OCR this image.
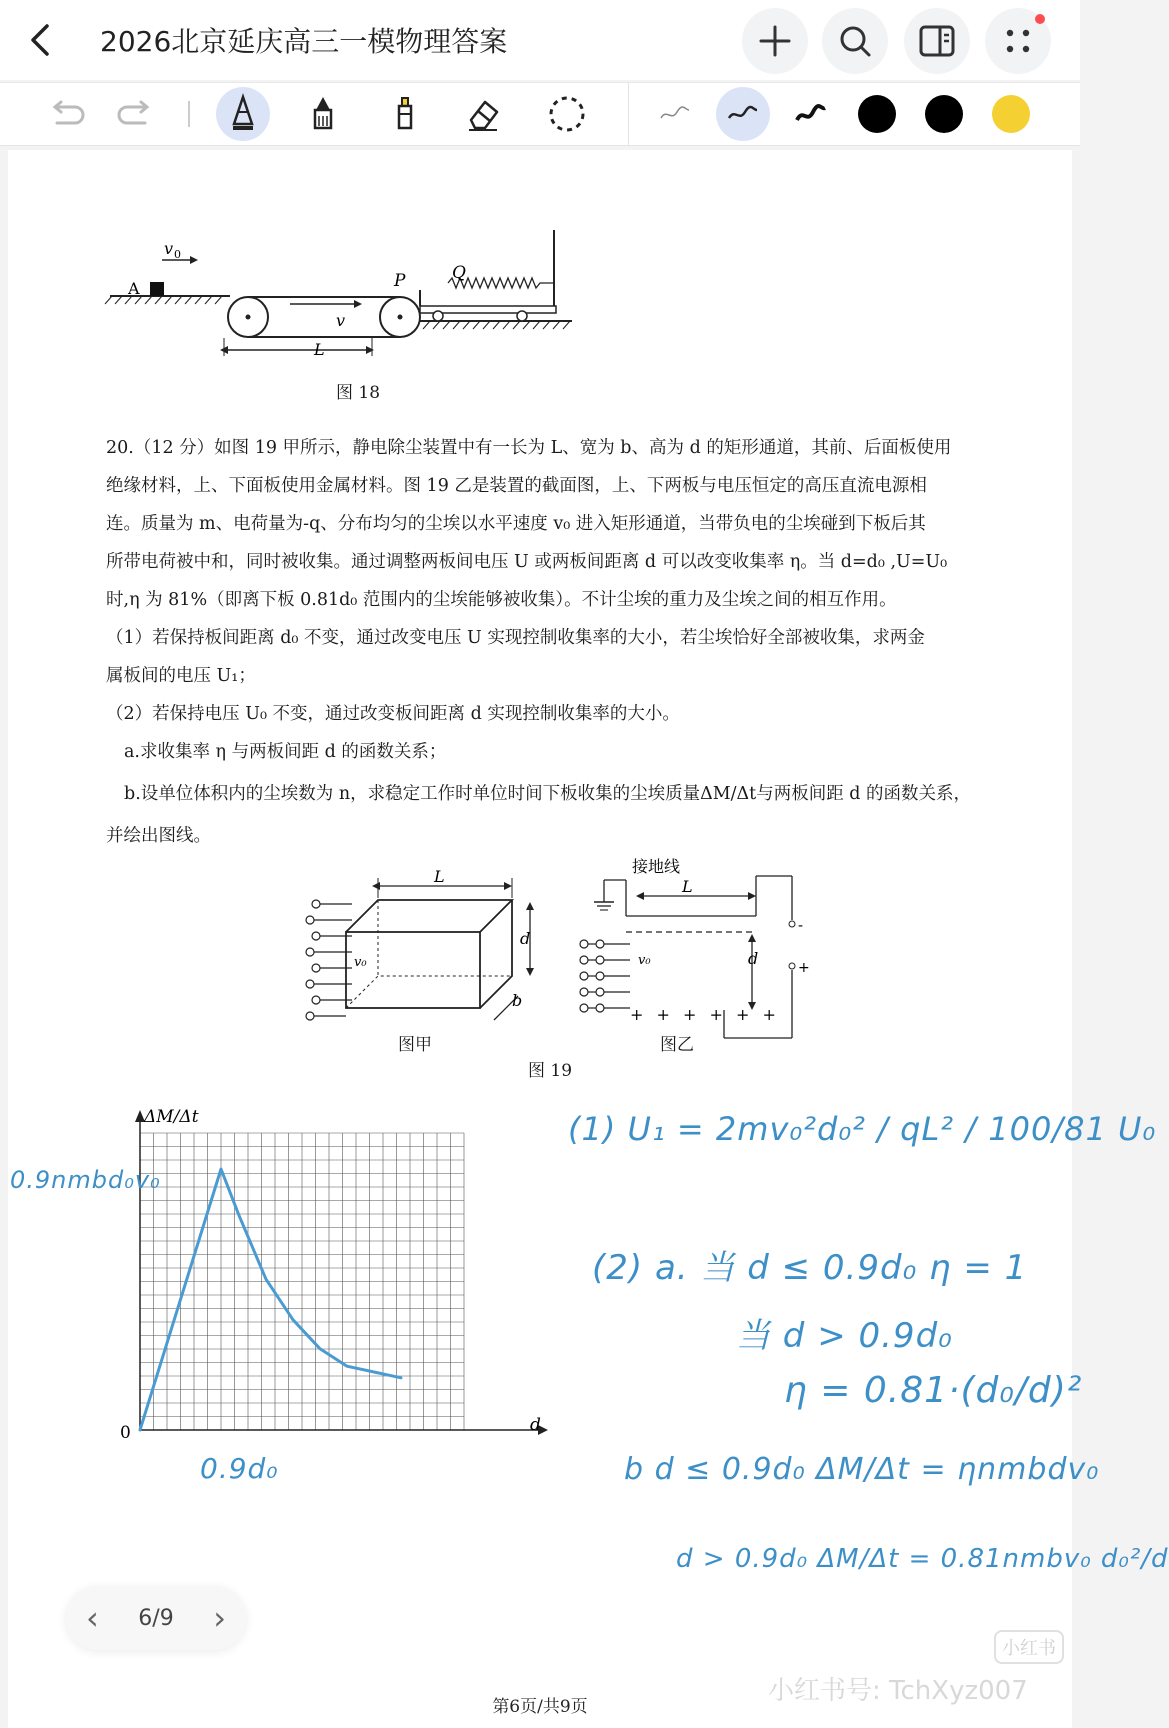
2026北京延庆高三一模物理答案
A
v 0
P	Q
v
L
图 18
20.（12 分）如图 19 甲所示，静电除尘装置中有一长为 L、宽为 b、高为 d 的矩形通道，其前、后面板使用
绝缘材料，上、下面板使用金属材料。图 19 乙是装置的截面图，上、下两板与电压恒定的高压直流电源相
连。质量为 m、电荷量为-q、分布均匀的尘埃以水平速度 v₀ 进入矩形通道，当带负电的尘埃碰到下板后其
所带电荷被中和，同时被收集。通过调整两板间电压 U 或两板间距离 d 可以改变收集率 η。当 d=d₀ ,U=U₀
时,η 为 81%（即离下板 0.81d₀ 范围内的尘埃能够被收集）。不计尘埃的重力及尘埃之间的相互作用。
（1）若保持板间距离 d₀ 不变，通过改变电压 U 实现控制收集率的大小，若尘埃恰好全部被收集，求两金
属板间的电压 U₁；
（2）若保持电压 U₀ 不变，通过改变板间距离 d 实现控制收集率的大小。
a.求收集率 η 与两板间距 d 的函数关系；
b.设单位体积内的尘埃数为 n，求稳定工作时单位时间下板收集的尘埃质量ΔM/Δt与两板间距 d 的函数关系，
并绘出图线。
L
d
b
v₀
图甲
+ + + + + +
接地线
L
d
v₀
-
+
图乙
图 19
ΔM/Δt
d
0
0.9nmbd₀v₀
0.9d₀
(1) U₁ = 2mv₀²d₀² / qL² / 100/81 U₀
(2) a. 当 d ≤ 0.9d₀ η = 1
当 d > 0.9d₀
η = 0.81·(d₀/d)²
b d ≤ 0.9d₀ ΔM/Δt = ηnmbdv₀
d > 0.9d₀ ΔM/Δt = 0.81nmbv₀ d₀²/d
‹ 6/9 ›
小红书
小红书号: TchXyz007
第6页/共9页
